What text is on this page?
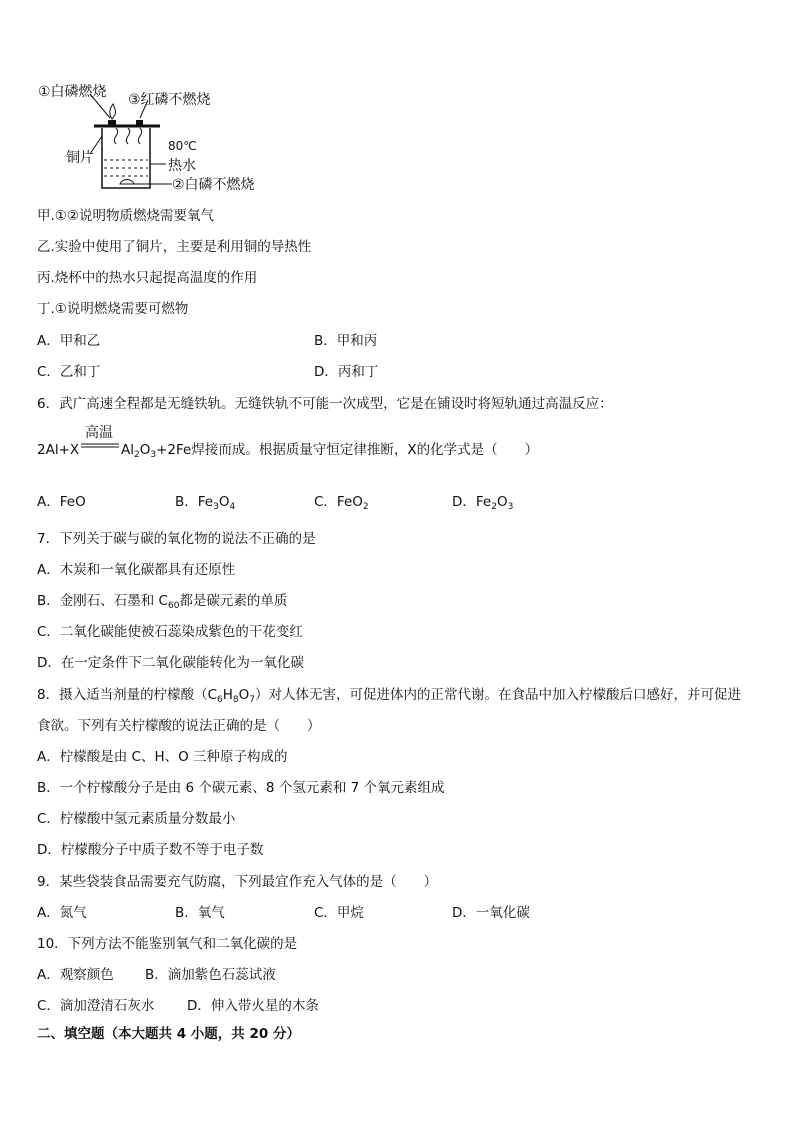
①白磷燃烧 ③红磷不燃烧
80℃
铜片	热水
②白磷不燃烧
甲.①②说明物质燃烧需要氧气
乙.实验中使用了铜片，主要是利用铜的导热性
丙.烧杯中的热水只起提高温度的作用
丁.①说明燃烧需要可燃物
A．甲和乙	B．甲和丙
C．乙和丁	D．丙和丁
6．武广高速全程都是无缝铁轨。无缝铁轨不可能一次成型，它是在铺设时将短轨通过高温反应：
2Al+X
高温
$Al_2O_3+2Fe$焊接而成。根据质量守恒定律推断，X的化学式是（　　）
A．FeO	B．$Fe_3O_4$	C．FeO$_2$	D．$Fe_2O_3$
7．下列关于碳与碳的氧化物的说法不正确的是
A．木炭和一氧化碳都具有还原性
B．金刚石、石墨和 $C_{60}$都是碳元素的单质
C．二氧化碳能使被石蕊染成紫色的干花变红
D．在一定条件下二氧化碳能转化为一氧化碳
8．摄入适当剂量的柠檬酸$(C_6H_8O_7)$对人体无害，可促进体内的正常代谢。在食品中加入柠檬酸后口感好，并可促进
食欲。下列有关柠檬酸的说法正确的是（　　）
A．柠檬酸是由 C、H、O 三种原子构成的
B．一个柠檬酸分子是由 6 个碳元素、8 个氢元素和 7 个氧元素组成
C．柠檬酸中氢元素质量分数最小
D．柠檬酸分子中质子数不等于电子数
9．某些袋装食品需要充气防腐，下列最宜作充入气体的是（　　）
A．氮气	B．氧气	C．甲烷	D．一氧化碳
10．下列方法不能鉴别氧气和二氧化碳的是
A．观察颜色 B．滴加紫色石蕊试液
C．滴加澄清石灰水 D．伸入带火星的木条
二、填空题（本大题共 4 小题，共 20 分）
